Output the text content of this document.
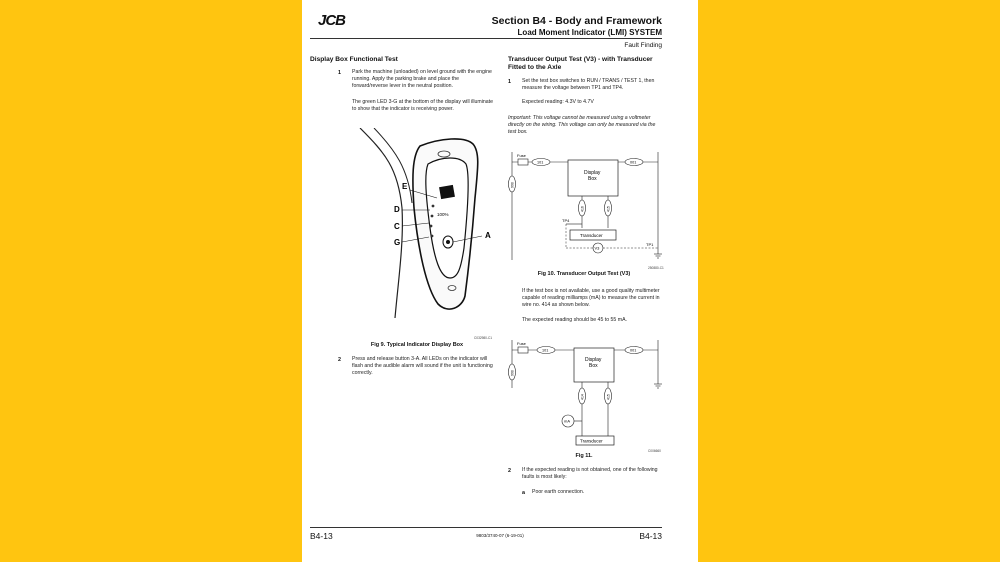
JCB	Section B4 - Body and Framework
Load Moment Indicator (LMI) SYSTEM
Fault Finding
Display Box Functional Test
1 Park the machine (unloaded) on level ground with the engine running. Apply the parking brake and place the forward/reverse lever in the neutral position.
The green LED 3-G at the bottom of the display will illuminate to show that the indicator is receiving power.
E
D
C
G
A
100%
C032980-C1
Fig 9. Typical Indicator Display Box
2 Press and release button 3-A. All LEDs on the indicator will flash and the audible alarm will sound if the unit is functioning correctly.
Transducer Output Test (V3) - with Transducer Fitted to the Axle
1 Set the test box switches to RUN / TRANS / TEST 1, then measure the voltage between TP1 and TP4.
Expected reading: 4.3V to 4.7V
Important: This voltage cannot be measured using a voltmeter directly on the wiring. This voltage can only be measured via the test box.
Fuse
101
Display
Box
001
990
416	415
TP4
Transducer
V3
TP1
250880-C1
Fig 10. Transducer Output Test (V3)
If the test box is not available, use a good quality multimeter capable of reading milliamps (mA) to measure the current in wire no. 414 as shown below.
The expected reading should be 45 to 55 mA.
Fuse
101
Display
Box
001
990
414	415
mA
Transducer
C006660
Fig 11.
2 If the expected reading is not obtained, one of the following faults is most likely:
a Poor earth connection.
B4-13	9803/3740-07 (6-19-01)	B4-13
